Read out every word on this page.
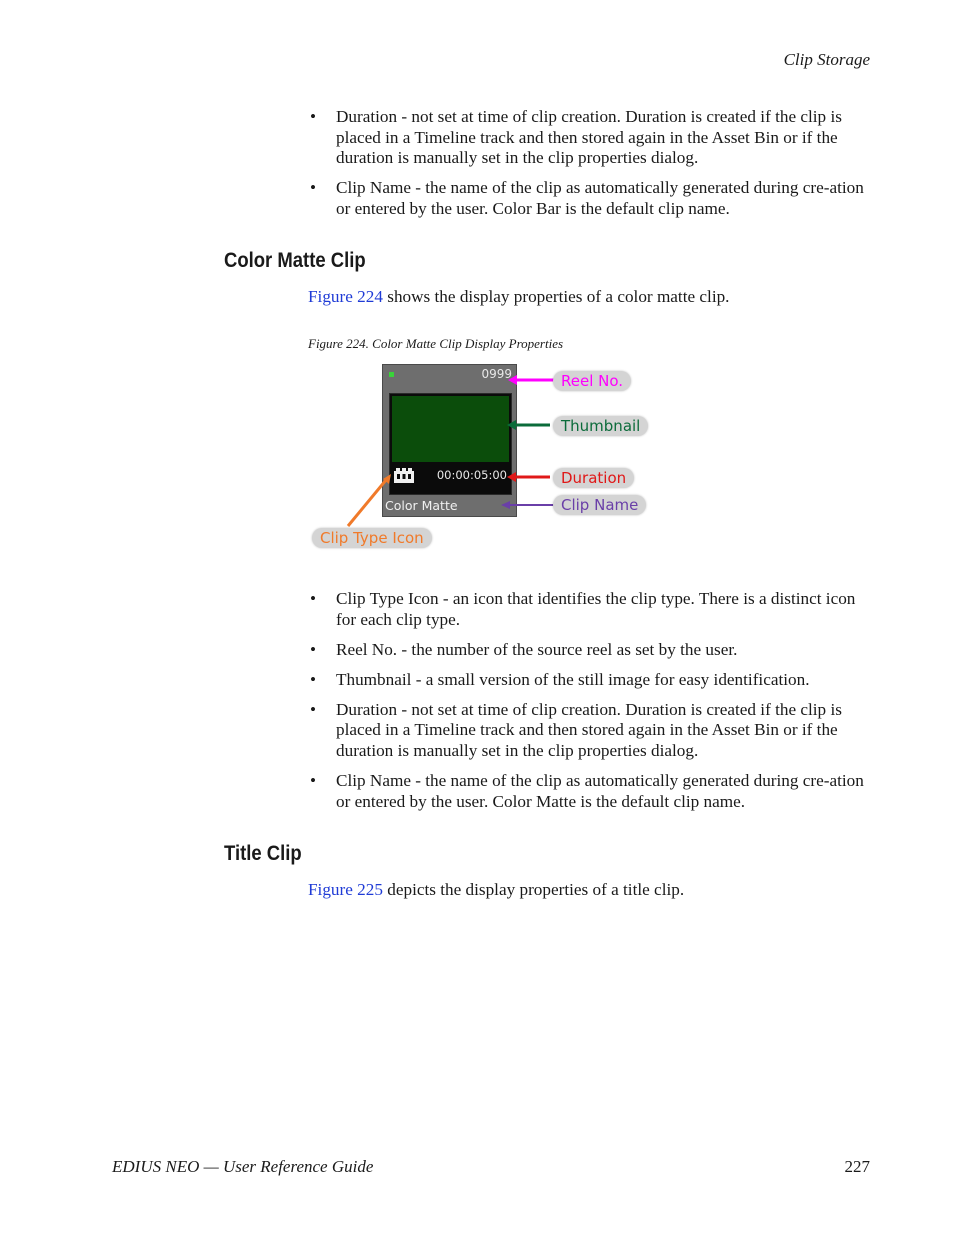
Clip Storage
• Duration - not set at time of clip creation. Duration is created if the clip is placed in a Timeline track and then stored again in the Asset Bin or if the duration is manually set in the clip properties dialog.
• Clip Name - the name of the clip as automatically generated during cre-ation or entered by the user. Color Bar is the default clip name.
Color Matte Clip
Figure 224 shows the display properties of a color matte clip.
Figure 224. Color Matte Clip Display Properties
0999
00:00:05:00
Color Matte
Reel No.
Thumbnail
Duration
Clip Name
Clip Type Icon
• Clip Type Icon - an icon that identifies the clip type. There is a distinct icon for each clip type.
• Reel No. - the number of the source reel as set by the user.
• Thumbnail - a small version of the still image for easy identification.
• Duration - not set at time of clip creation. Duration is created if the clip is placed in a Timeline track and then stored again in the Asset Bin or if the duration is manually set in the clip properties dialog.
• Clip Name - the name of the clip as automatically generated during cre-ation or entered by the user. Color Matte is the default clip name.
Title Clip
Figure 225 depicts the display properties of a title clip.
EDIUS NEO — User Reference Guide	227
